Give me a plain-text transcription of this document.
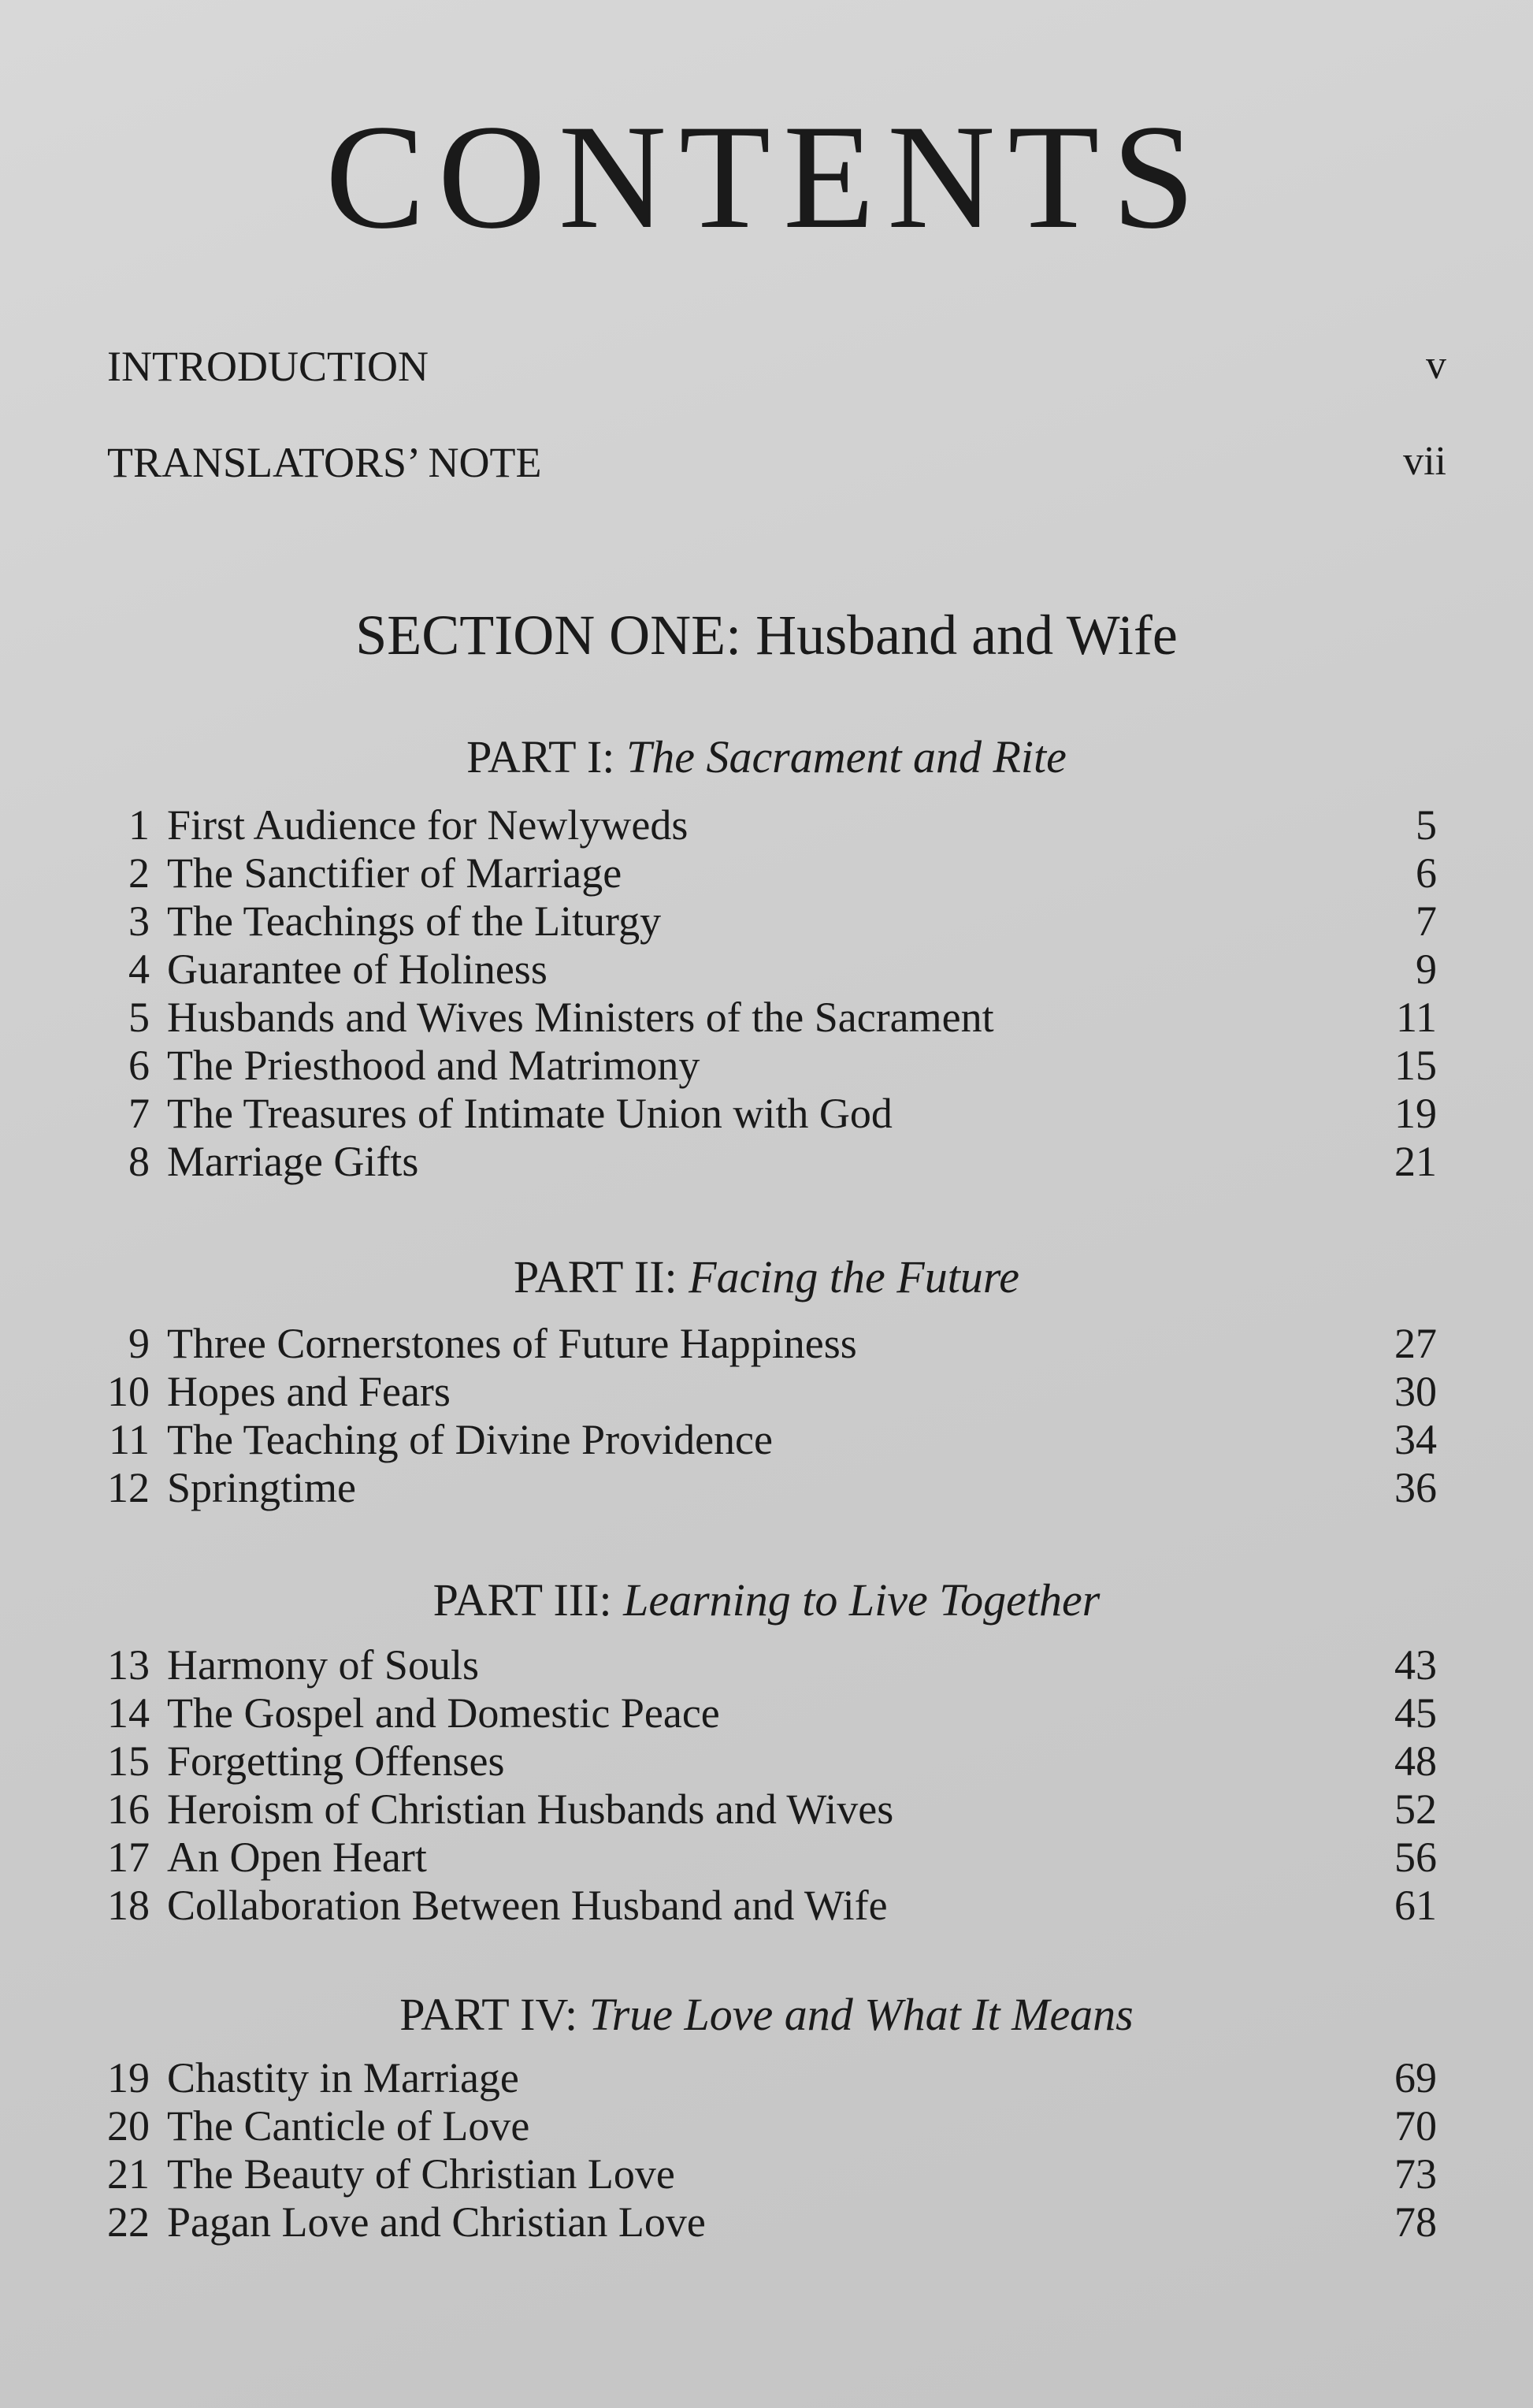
CONTENTS
INTRODUCTION	v
TRANSLATORS’ NOTE	vii
SECTION ONE: Husband and Wife
PART I: The Sacrament and Rite
1 First Audience for Newlyweds	5
2 The Sanctifier of Marriage	6
3 The Teachings of the Liturgy	7
4 Guarantee of Holiness	9
5 Husbands and Wives Ministers of the Sacrament	11
6 The Priesthood and Matrimony	15
7 The Treasures of Intimate Union with God	19
8 Marriage Gifts	21
PART II: Facing the Future
9 Three Cornerstones of Future Happiness	27
10 Hopes and Fears	30
11 The Teaching of Divine Providence	34
12 Springtime	36
PART III: Learning to Live Together
13 Harmony of Souls	43
14 The Gospel and Domestic Peace	45
15 Forgetting Offenses	48
16 Heroism of Christian Husbands and Wives	52
17 An Open Heart	56
18 Collaboration Between Husband and Wife	61
PART IV: True Love and What It Means
19 Chastity in Marriage	69
20 The Canticle of Love	70
21 The Beauty of Christian Love	73
22 Pagan Love and Christian Love	78
